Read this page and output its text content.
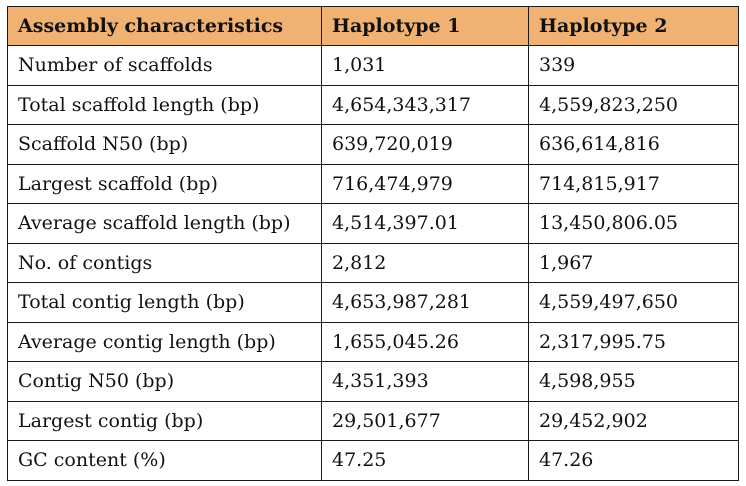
Assembly characteristics	Haplotype 1	Haplotype 2
Number of scaffolds	1,031	339
Total scaffold length (bp)	4,654,343,317	4,559,823,250
Scaffold N50 (bp)	639,720,019	636,614,816
Largest scaffold (bp)	716,474,979	714,815,917
Average scaffold length (bp)	4,514,397.01	13,450,806.05
No. of contigs	2,812	1,967
Total contig length (bp)	4,653,987,281	4,559,497,650
Average contig length (bp)	1,655,045.26	2,317,995.75
Contig N50 (bp)	4,351,393	4,598,955
Largest contig (bp)	29,501,677	29,452,902
GC content (%)	47.25	47.26
